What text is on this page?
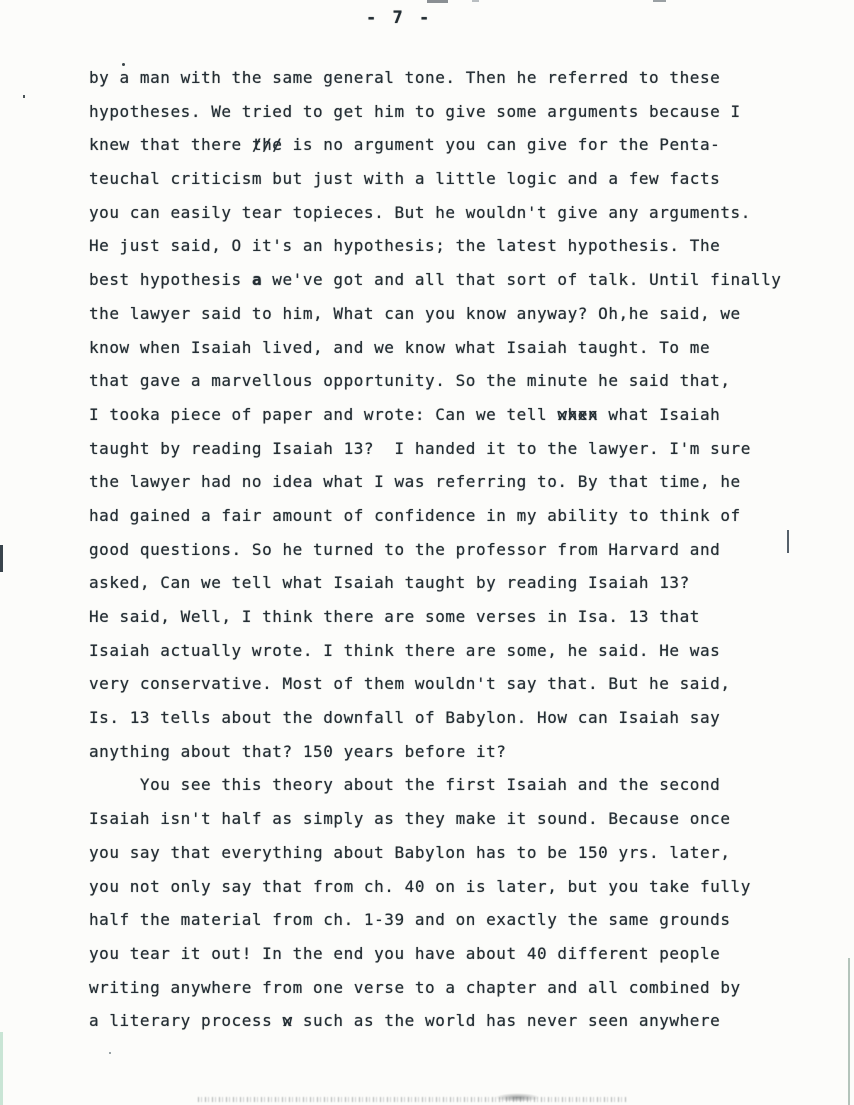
- 7 -
by a man with the same general tone. Then he referred to these
hypotheses. We tried to get him to give some arguments because I
knew that there the /// is no argument you can give for the Penta-
teuchal criticism but just with a little logic and a few facts
you can easily tear topieces. But he wouldn't give any arguments.
He just said, O it's an hypothesis; the latest hypothesis. The
best hypothesis a we've got and all that sort of talk. Until finally
the lawyer said to him, What can you know anyway? Oh,he said, we
know when Isaiah lived, and we know what Isaiah taught. To me
that gave a marvellous opportunity. So the minute he said that,
I tooka piece of paper and wrote: Can we tell when xxxx what Isaiah
taught by reading Isaiah 13?  I handed it to the lawyer. I'm sure
the lawyer had no idea what I was referring to. By that time, he
had gained a fair amount of confidence in my ability to think of
good questions. So he turned to the professor from Harvard and
asked, Can we tell what Isaiah taught by reading Isaiah 13?
He said, Well, I think there are some verses in Isa. 13 that
Isaiah actually wrote. I think there are some, he said. He was
very conservative. Most of them wouldn't say that. But he said,
Is. 13 tells about the downfall of Babylon. How can Isaiah say
anything about that? 150 years before it?
You see this theory about the first Isaiah and the second
Isaiah isn't half as simply as they make it sound. Because once
you say that everything about Babylon has to be 150 yrs. later,
you not only say that from ch. 40 on is later, but you take fully
half the material from ch. 1-39 and on exactly the same grounds
you tear it out! In the end you have about 40 different people
writing anywhere from one verse to a chapter and all combined by
a literary process w x such as the world has never seen anywhere
